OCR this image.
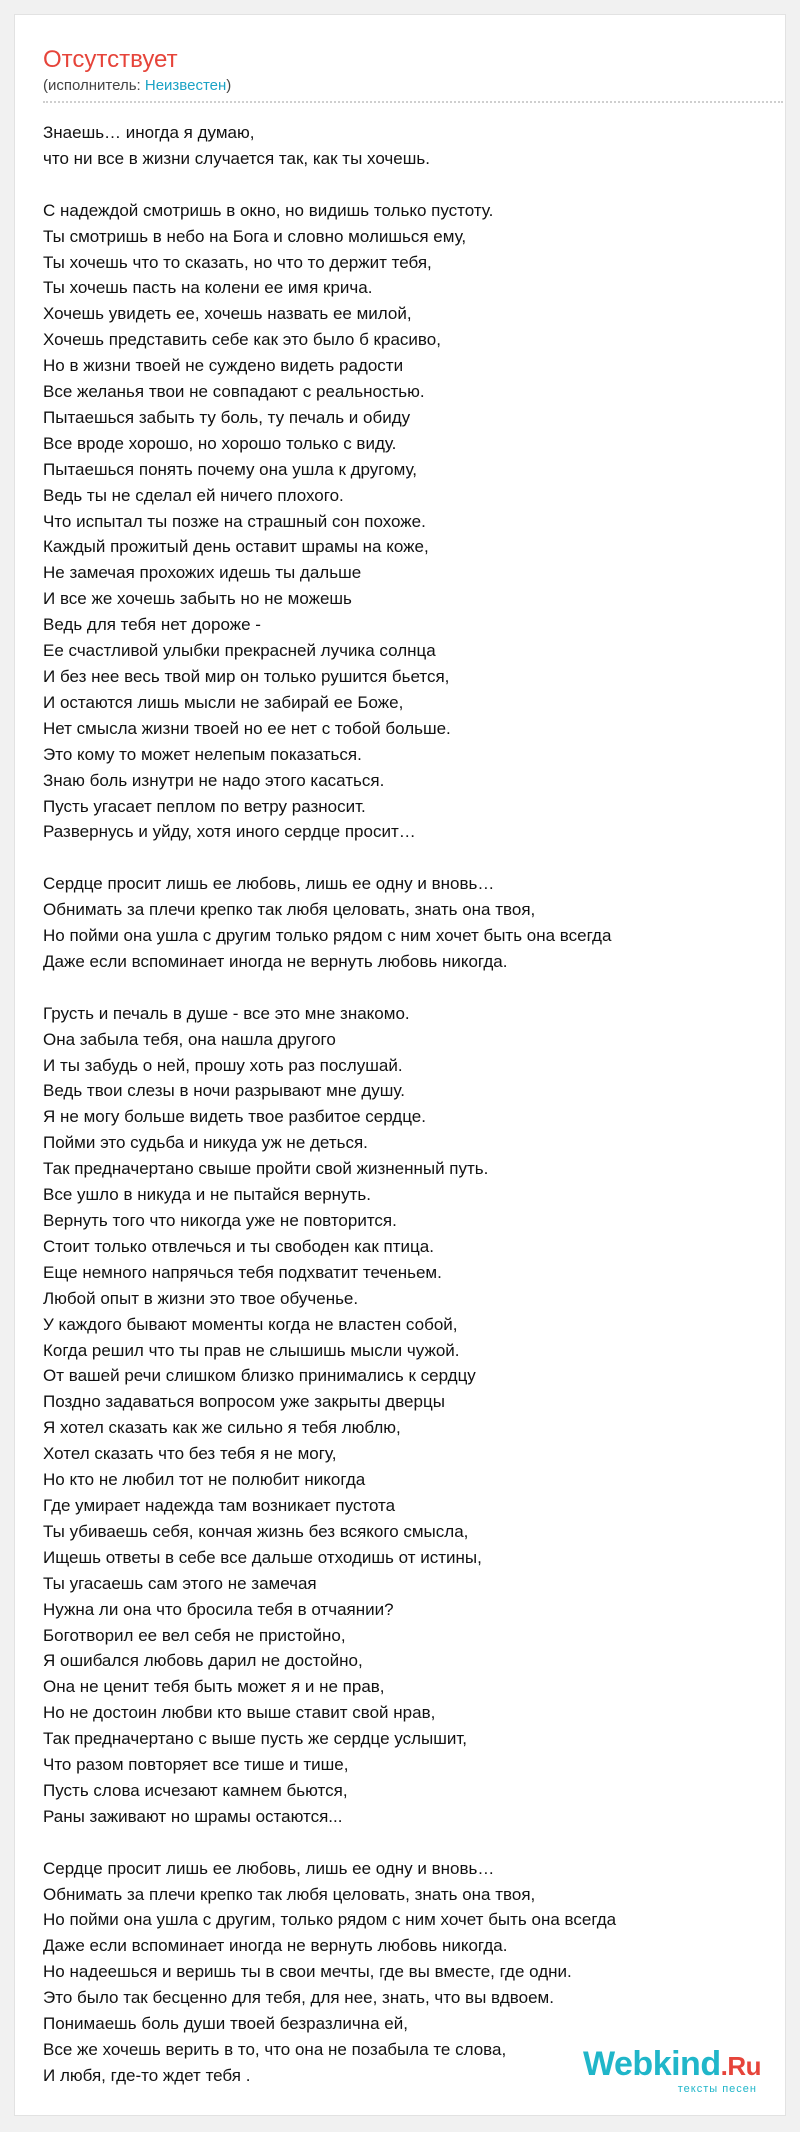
Отсутствует
(исполнитель: Неизвестен)
Знаешь… иногда я думаю,
что ни все в жизни случается так, как ты хочешь.
С надеждой смотришь в окно, но видишь только пустоту.
Ты смотришь в небо на Бога и словно молишься ему,
Ты хочешь что то сказать, но что то держит тебя,
Ты хочешь пасть на колени ее имя крича.
Хочешь увидеть ее, хочешь назвать ее милой,
Хочешь представить себе как это было б красиво,
Но в жизни твоей не суждено видеть радости
Все желанья твои не совпадают с реальностью.
Пытаешься забыть ту боль, ту печаль и обиду
Все вроде хорошо, но хорошо только с виду.
Пытаешься понять почему она ушла к другому,
Ведь ты не сделал ей ничего плохого.
Что испытал ты позже на страшный сон похоже.
Каждый прожитый день оставит шрамы на коже,
Не замечая прохожих идешь ты дальше
И все же хочешь забыть но не можешь
Ведь для тебя нет дороже -
Ее счастливой улыбки прекрасней лучика солнца
И без нее весь твой мир он только рушится бьется,
И остаются лишь мысли не забирай ее Боже,
Нет смысла жизни твоей но ее нет с тобой больше.
Это кому то может нелепым показаться.
Знаю боль изнутри не надо этого касаться.
Пусть угасает пеплом по ветру разносит.
Развернусь и уйду, хотя иного сердце просит…
Сердце просит лишь ее любовь, лишь ее одну и вновь…
Обнимать за плечи крепко так любя целовать, знать она твоя,
Но пойми она ушла с другим только рядом с ним хочет быть она всегда
Даже если вспоминает иногда не вернуть любовь никогда.
Грусть и печаль в душе - все это мне знакомо.
Она забыла тебя, она нашла другого
И ты забудь о ней, прошу хоть раз послушай.
Ведь твои слезы в ночи разрывают мне душу.
Я не могу больше видеть твое разбитое сердце.
Пойми это судьба и никуда уж не деться.
Так предначертано свыше пройти свой жизненный путь.
Все ушло в никуда и не пытайся вернуть.
Вернуть того что никогда уже не повторится.
Стоит только отвлечься и ты свободен как птица.
Еще немного напрячься тебя подхватит теченьем.
Любой опыт в жизни это твое обученье.
У каждого бывают моменты когда не властен собой,
Когда решил что ты прав не слышишь мысли чужой.
От вашей речи слишком близко принимались к сердцу
Поздно задаваться вопросом уже закрыты дверцы
Я хотел сказать как же сильно я тебя люблю,
Хотел сказать что без тебя я не могу,
Но кто не любил тот не полюбит никогда
Где умирает надежда там возникает пустота
Ты убиваешь себя, кончая жизнь без всякого смысла,
Ищешь ответы в себе все дальше отходишь от истины,
Ты угасаешь сам этого не замечая
Нужна ли она что бросила тебя в отчаянии?
Боготворил ее вел себя не пристойно,
Я ошибался любовь дарил не достойно,
Она не ценит тебя быть может я и не прав,
Но не достоин любви кто выше ставит свой нрав,
Так предначертано с выше пусть же сердце услышит,
Что разом повторяет все тише и тише,
Пусть слова исчезают камнем бьются,
Раны заживают но шрамы остаются...
Сердце просит лишь ее любовь, лишь ее одну и вновь…
Обнимать за плечи крепко так любя целовать, знать она твоя,
Но пойми она ушла с другим, только рядом с ним хочет быть она всегда
Даже если вспоминает иногда не вернуть любовь никогда.
Но надеешься и веришь ты в свои мечты, где вы вместе, где одни.
Это было так бесценно для тебя, для нее, знать, что вы вдвоем.
Понимаешь боль души твоей безразлична ей,
Все же хочешь верить в то, что она не позабыла те слова,
И любя, где-то ждет тебя .	Webkind.Ru
тексты песен
